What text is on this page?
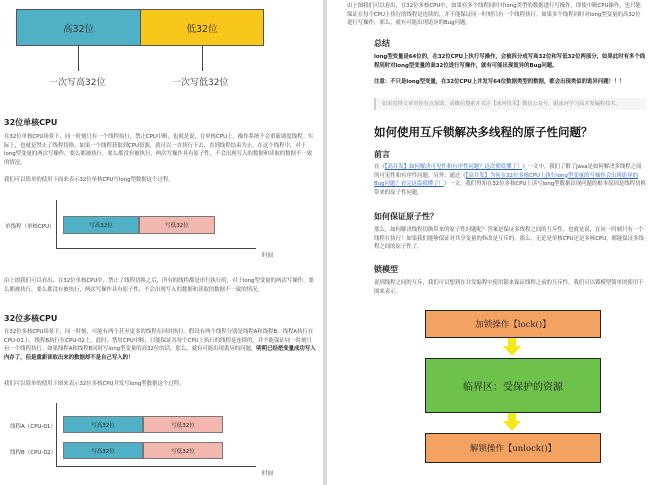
高32位	低32位
一次写高32位	一次写低32位
32位单核CPU
在32位单核CPU场景下，同一时刻只有一个线程执行，禁止CPU中断，也就是说，在单核CPU上，操作系统不会重新调度线程。实际上，也就是禁止了线程切换。如果一个线程获取到CPU资源，就可以一直执行下去，直到线程结束为止。在这个线程中，对于long型变量的两次写操作，要么都被执行，要么都没有被执行，两次写操作具有原子性，不会出现写入的数据和读取的数据不一致的情况。
我们可以简单的使用下面来表示32位单核CPU写long型数据这个过程。
单线程（单核CPU）	写高32位	写低32位
时间
由上图我们可以看出，在32位单核CPU中，禁止了线程切换之后，所有的线程都是串行执行的，对于long型变量的两次写操作，要么都被执行，要么都没有被执行，两次写操作具有原子性，不会出现写入的数据和读取的数据不一致的情况。
32位多核CPU
在32位多核CPU场景下，同一时刻，可能有两个甚至更多的线程在同时执行。假设有两个线程分别是线程A和线程B。线程A执行在CPU-01上，线程B执行在CPU-02上。此时，禁用CPU中断，只能保证各每个CPU上执行的线程是连续的，并不能保证同一时刻只有一个线程执行。如果线程A和线程B同时写long型变量的高32位的话，那么，就有可能出现诡异的问题，明明已经把变量成功写入内存了，但是重新读取出来的数据却不是自己写入的！
我们可以简单的使用下图来表示32位多核CPU并发写long型数据这个过程。
线程A（CPU-01）
线程B（CPU-02）
写高32位	写低32位
写高32位	写低32位
时间
由上图我们可以看出，在32位多核CPU中，如果有多个线程同时对long类型的数据进行写操作，即使中断CPU操作，也只能保证在每个CPU上执行的线程是连续的，并不能保证同一时刻只有一个线程执行。如果多个线程同时对long型变量的高32位进行写操作，那么，就有可能出现诡异的Bug问题。
总结
long型变量是64位的，在32位CPU上执行写操作，会被拆分成写高32位和写低32位两部分，如果此时有多个线程同时对long型变量的高32位进行写操作，就有可能出现诡异的Bug问题。
注意：不只是long型变量，在32位CPU上并发写64位数据类型的数据，都会出现类似的诡异问题！！！
如果觉得文章对你有点帮助，请微信搜索并关注【冰河技术】微信公众号，跟冰河学习高并发编程技术。
如何使用互斥锁解决多线程的原子性问题？
前言
在《【高并发】如何解决可见性和有序性问题？这次彻底懂了！》一文中，我们了解了Java是如何解决多线程之间的可见性和有序性问题。另外，通过《【高并发】为何在32位多核CPU上执行long型变量的写操作会出现诡异的Bug问题？看完这篇我懂了！》一文，我们得知在32位多核CPU上读写long型数据出现问题的根本原因是线程切换带来的原子性问题。
如何保证原子性？
那么，如何解决线程切换带来的原子性问题呢？答案是保证多线程之间的互斥性。也就是说，在同一时刻只有一个线程在执行！如果我们能够保证对共享变量的修改是互斥的，那么，无论是单核CPU还是多核CPU，都能保证多线程之间的原子性了。
锁模型
说到线程之间的互斥，我们可以想到在并发编程中使用锁来保证线程之前的互斥性。我们可以锁模型简单的使用下图来表示。
加锁操作【lock()】
临界区：受保护的资源
解锁操作【unlock()】
